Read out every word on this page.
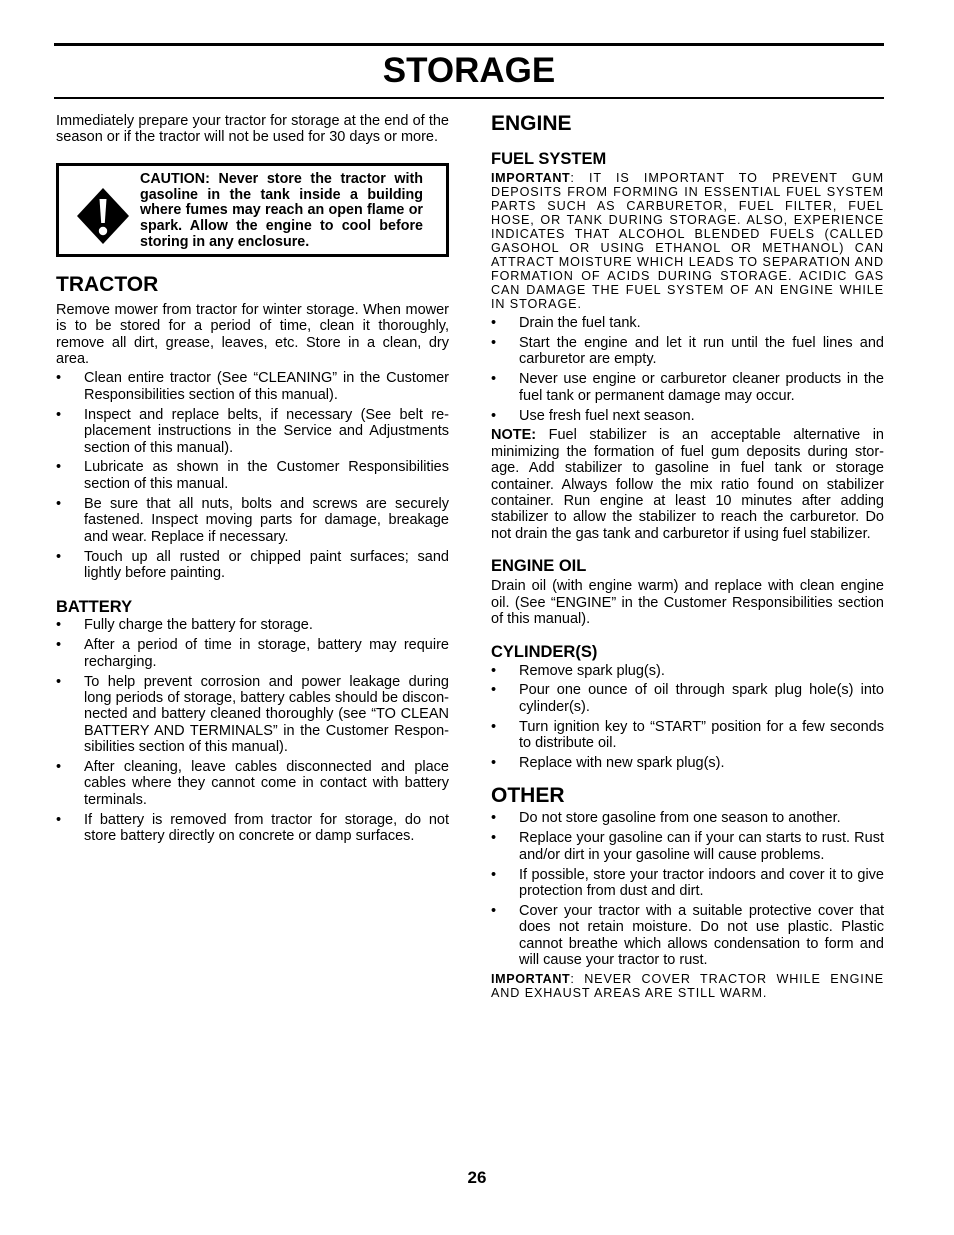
STORAGE

Immediately prepare your tractor for storage at the end of the season or if the tractor will not be used for 30 days or more.

CAUTION: Never store the tractor with gasoline in the tank inside a building where fumes may reach an open flame or spark. Allow the engine to cool before storing in any enclosure.
TRACTOR

Remove mower from tractor for winter storage. When mower is to be stored for a period of time, clean it thoroughly, remove all dirt, grease, leaves, etc. Store in a clean, dry area.

• Clean entire tractor (See “CLEANING” in the Customer Responsibilities section of this manual).
• Inspect and replace belts, if necessary (See belt re-placement instructions in the Service and Adjustments section of this manual).
• Lubricate as shown in the Customer Responsibilities section of this manual.
• Be sure that all nuts, bolts and screws are securely fastened. Inspect moving parts for damage, breakage and wear. Replace if necessary.
• Touch up all rusted or chipped paint surfaces; sand lightly before painting.
BATTERY
• Fully charge the battery for storage.
• After a period of time in storage, battery may require recharging.
• To help prevent corrosion and power leakage during long periods of storage, battery cables should be discon-nected and battery cleaned thoroughly (see “TO CLEAN BATTERY AND TERMINALS” in the Customer Respon-sibilities section of this manual).
• After cleaning, leave cables disconnected and place cables where they cannot come in contact with battery terminals.
• If battery is removed from tractor for storage, do not store battery directly on concrete or damp surfaces.
ENGINE
FUEL SYSTEM

IMPORTANT: IT IS IMPORTANT TO PREVENT GUM DEPOSITS FROM FORMING IN ESSENTIAL FUEL SYSTEM PARTS SUCH AS CARBURETOR, FUEL FILTER, FUEL HOSE, OR TANK DURING STORAGE. ALSO, EXPERIENCE INDICATES THAT ALCOHOL BLENDED FUELS (CALLED GASOHOL OR USING ETHANOL OR METHANOL) CAN ATTRACT MOISTURE WHICH LEADS TO SEPARATION AND FORMATION OF ACIDS DURING STORAGE. ACIDIC GAS CAN DAMAGE THE FUEL SYSTEM OF AN ENGINE WHILE IN STORAGE.

• Drain the fuel tank.
• Start the engine and let it run until the fuel lines and carburetor are empty.
• Never use engine or carburetor cleaner products in the fuel tank or permanent damage may occur.
• Use fresh fuel next season.

NOTE: Fuel stabilizer is an acceptable alternative in minimizing the formation of fuel gum deposits during stor-age. Add stabilizer to gasoline in fuel tank or storage container. Always follow the mix ratio found on stabilizer container. Run engine at least 10 minutes after adding stabilizer to allow the stabilizer to reach the carburetor. Do not drain the gas tank and carburetor if using fuel stabilizer.

ENGINE OIL

Drain oil (with engine warm) and replace with clean engine oil. (See “ENGINE” in the Customer Responsibilities section of this manual).

CYLINDER(S)
• Remove spark plug(s).
• Pour one ounce of oil through spark plug hole(s) into cylinder(s).
• Turn ignition key to “START” position for a few seconds to distribute oil.
• Replace with new spark plug(s).
OTHER
• Do not store gasoline from one season to another.
• Replace your gasoline can if your can starts to rust. Rust and/or dirt in your gasoline will cause problems.
• If possible, store your tractor indoors and cover it to give protection from dust and dirt.
• Cover your tractor with a suitable protective cover that does not retain moisture. Do not use plastic. Plastic cannot breathe which allows condensation to form and will cause your tractor to rust.

IMPORTANT: NEVER COVER TRACTOR WHILE ENGINE AND EXHAUST AREAS ARE STILL WARM.

26
